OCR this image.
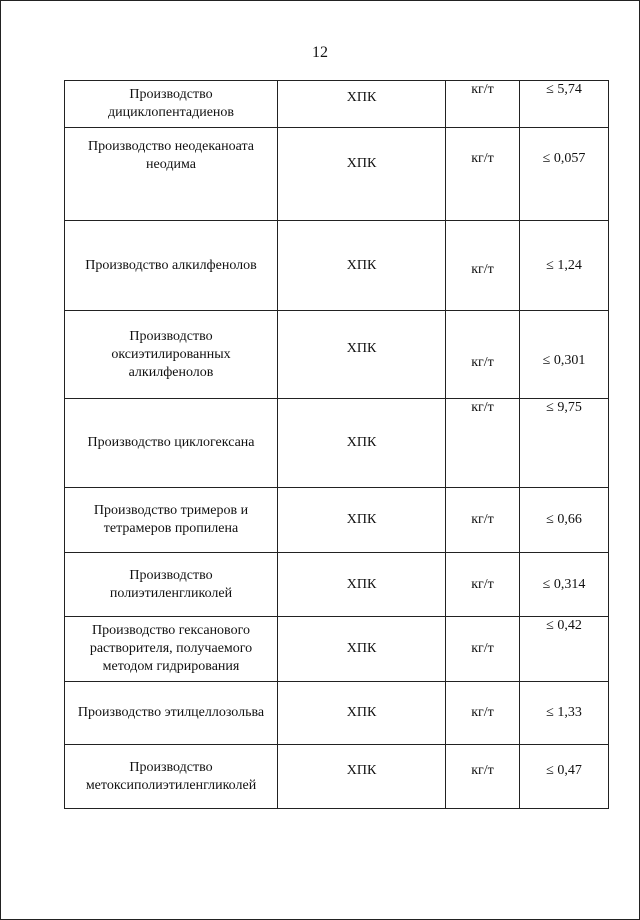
12
Производство дициклопентадиенов	ХПК	кг/т	≤ 5,74
Производство неодеканоата неодима	ХПК	кг/т	≤ 0,057
Производство алкилфенолов	ХПК	кг/т	≤ 1,24
Производство оксиэтилированных алкилфенолов	ХПК	кг/т	≤ 0,301
Производство циклогексана	ХПК	кг/т	≤ 9,75
Производство тримеров и тетрамеров пропилена	ХПК	кг/т	≤ 0,66
Производство полиэтиленгликолей	ХПК	кг/т	≤ 0,314
Производство гексанового растворителя, получаемого методом гидрирования	ХПК	кг/т	≤ 0,42
Производство этилцеллозольва	ХПК	кг/т	≤ 1,33
Производство метоксиполиэтиленгликолей	ХПК	кг/т	≤ 0,47
